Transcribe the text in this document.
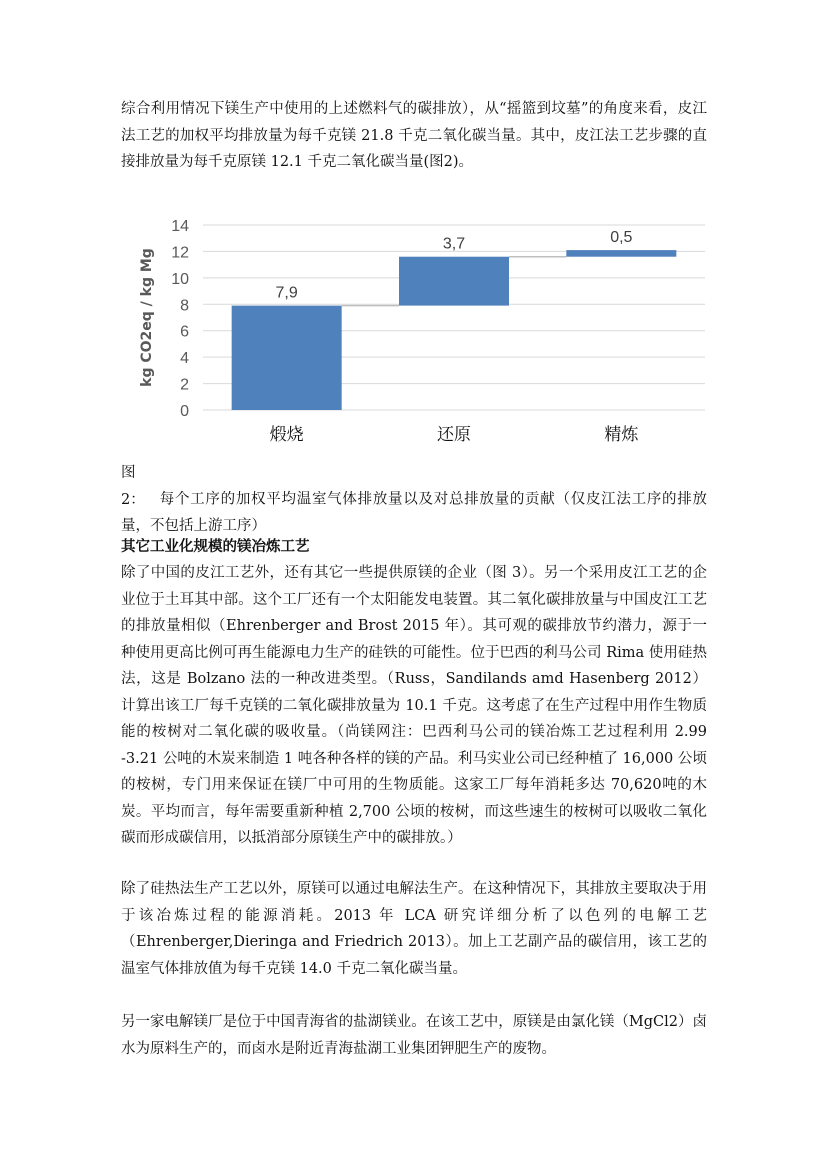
综合利用情况下镁生产中使用的上述燃料气的碳排放），从“摇篮到坟墓”的角度来看，皮江法工艺的加权平均排放量为每千克镁 21.8 千克二氧化碳当量。其中，皮江法工艺步骤的直接排放量为每千克原镁 12.1 千克二氧化碳当量(图2)。

0
2
4
6
8
10
12
14
kg CO2eq / kg Mg	7,9
煅烧
3,7
还原
0,5
精炼

图 2： 每个工序的加权平均温室气体排放量以及对总排放量的贡献（仅皮江法工序的排放量，不包括上游工序）

其它工业化规模的镁冶炼工艺

除了中国的皮江工艺外，还有其它一些提供原镁的企业（图 3）。另一个采用皮江工艺的企业位于土耳其中部。这个工厂还有一个太阳能发电装置。其二氧化碳排放量与中国皮江工艺的排放量相似（Ehrenberger and Brost 2015 年）。其可观的碳排放节约潜力，源于一种使用更高比例可再生能源电力生产的硅铁的可能性。位于巴西的利马公司 Rima 使用硅热法，这是 Bolzano 法的一种改进类型。（Russ，Sandilands amd Hasenberg 2012）计算出该工厂每千克镁的二氧化碳排放量为 10.1 千克。这考虑了在生产过程中用作生物质能的桉树对二氧化碳的吸收量。（尚镁网注：巴西利马公司的镁冶炼工艺过程利用 2.99 -3.21 公吨的木炭来制造 1 吨各种各样的镁的产品。利马实业公司已经种植了 16,000 公顷的桉树，专门用来保证在镁厂中可用的生物质能。这家工厂每年消耗多达 70,620吨的木炭。平均而言，每年需要重新种植 2,700 公顷的桉树，而这些速生的桉树可以吸收二氧化碳而形成碳信用，以抵消部分原镁生产中的碳排放。）

除了硅热法生产工艺以外，原镁可以通过电解法生产。在这种情况下，其排放主要取决于用于该冶炼过程的能源消耗。2013 年 LCA 研究详细分析了以色列的电解工艺（Ehrenberger,Dieringa and Friedrich 2013）。加上工艺副产品的碳信用，该工艺的温室气体排放值为每千克镁 14.0 千克二氧化碳当量。

另一家电解镁厂是位于中国青海省的盐湖镁业。在该工艺中，原镁是由氯化镁（MgCl2）卤水为原料生产的，而卤水是附近青海盐湖工业集团钾肥生产的废物。
